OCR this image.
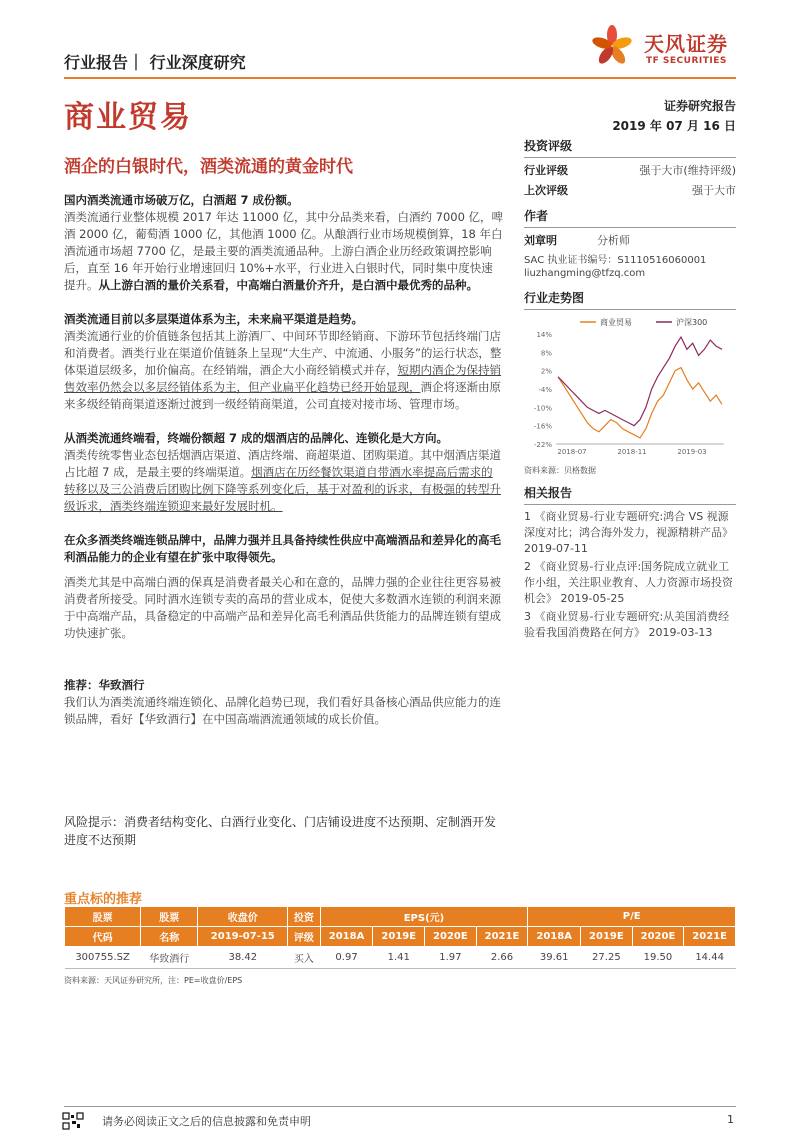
行业报告｜ 行业深度研究
天风证券
TF SECURITIES
商业贸易	证券研究报告
2019 年 07 月 16 日
酒企的白银时代，酒类流通的黄金时代

国内酒类流通市场破万亿，白酒超 7 成份额。

酒类流通行业整体规模 2017 年达 11000 亿，其中分品类来看，白酒约 7000 亿，啤酒 2000 亿，葡萄酒 1000 亿，其他酒 1000 亿。从酿酒行业市场规模倒算，18 年白酒流通市场超 7700 亿，是最主要的酒类流通品种。上游白酒企业历经政策调控影响后，直至 16 年开始行业增速回归 10%+水平，行业进入白银时代，同时集中度快速提升。从上游白酒的量价关系看，中高端白酒量价齐升，是白酒中最优秀的品种。

酒类流通目前以多层渠道体系为主，未来扁平渠道是趋势。

酒类流通行业的价值链条包括其上游酒厂、中间环节即经销商、下游环节包括终端门店和消费者。酒类行业在渠道价值链条上呈现“大生产、中流通、小服务”的运行状态，整体渠道层级多，加价偏高。在经销端，酒企大小商经销模式并存，短期内酒企为保持销售效率仍然会以多层经销体系为主，但产业扁平化趋势已经开始显现，酒企将逐渐由原来多级经销商渠道逐渐过渡到一级经销商渠道，公司直接对接市场、管理市场。

从酒类流通终端看，终端份额超 7 成的烟酒店的品牌化、连锁化是大方向。

酒类传统零售业态包括烟酒店渠道、酒店终端、商超渠道、团购渠道。其中烟酒店渠道占比超 7 成，是最主要的终端渠道。烟酒店在历经餐饮渠道自带酒水率提高后需求的转移以及三公消费后团购比例下降等系列变化后，基于对盈利的诉求，有极强的转型升级诉求，酒类终端连锁迎来最好发展时机。

在众多酒类终端连锁品牌中，品牌力强并且具备持续性供应中高端酒品和差异化的高毛利酒品能力的企业有望在扩张中取得领先。

酒类尤其是中高端白酒的保真是消费者最关心和在意的，品牌力强的企业往往更容易被消费者所接受。同时酒水连锁专卖的高昂的营业成本，促使大多数酒水连锁的利润来源于中高端产品，具备稳定的中高端产品和差异化高毛利酒品供货能力的品牌连锁有望成功快速扩张。

推荐：华致酒行

我们认为酒类流通终端连锁化、品牌化趋势已现，我们看好具备核心酒品供应能力的连锁品牌，看好【华致酒行】在中国高端酒流通领域的成长价值。

风险提示：消费者结构变化、白酒行业变化、门店铺设进度不达预期、定制酒开发进度不达预期

投资评级
行业评级	强于大市(维持评级)
上次评级	强于大市
作者
刘章明	分析师
SAC 执业证书编号：S1110516060001
liuzhangming@tfzq.com
行业走势图
商业贸易	沪深300
14%
8%
2%
-4%
-10%
-16%
-22%
2018-07	2018-11	2019-03
资料来源：贝格数据
相关报告
1 《商业贸易-行业专题研究:鸿合 VS 视源深度对比；鸿合海外发力，视源精耕产品》 2019-07-11
2 《商业贸易-行业点评:国务院成立就业工作小组，关注职业教育、人力资源市场投资机会》 2019-05-25
3 《商业贸易-行业专题研究:从美国消费经验看我国消费路在何方》 2019-03-13
重点标的推荐
股票	股票	收盘价	投资	EPS(元)				P/E			
代码	名称	2019-07-15	评级	2018A	2019E	2020E	2021E	2018A	2019E	2020E	2021E
300755.SZ	华致酒行	38.42	买入	0.97	1.41	1.97	2.66	39.61	27.25	19.50	14.44
资料来源：天风证券研究所，注：PE=收盘价/EPS
请务必阅读正文之后的信息披露和免责申明	1
